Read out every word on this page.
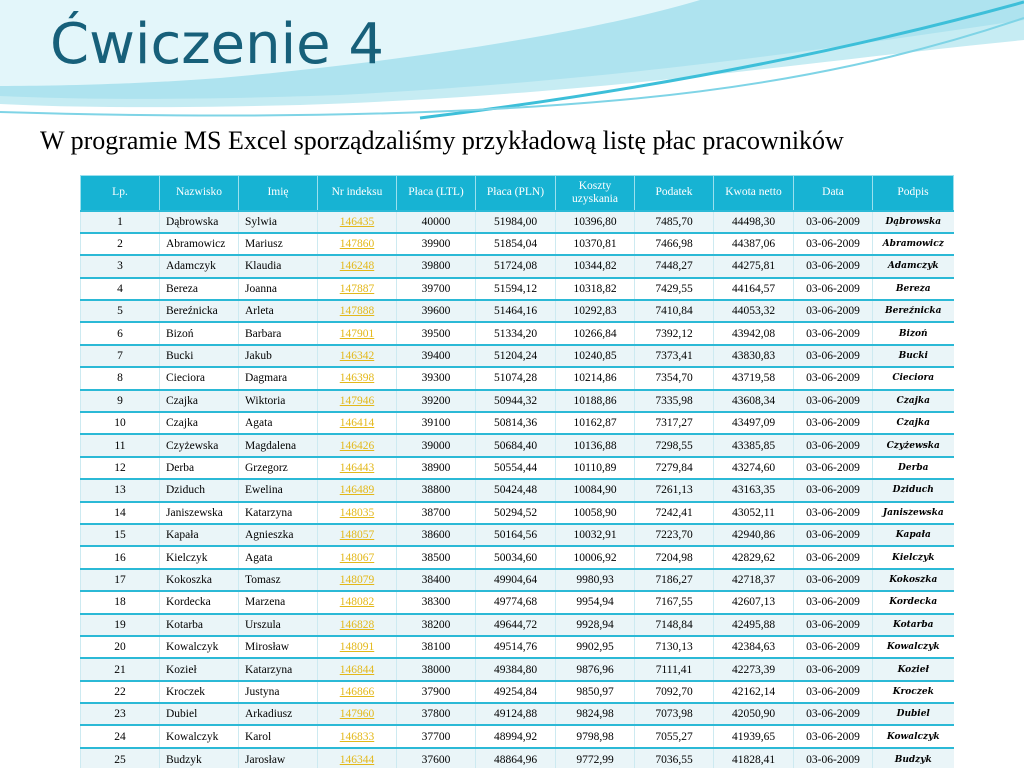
Ćwiczenie 4
W programie MS Excel sporządzaliśmy przykładową listę płac pracowników
Lp.	Nazwisko	Imię	Nr indeksu	Płaca (LTL)	Płaca (PLN)	Koszty uzyskania	Podatek	Kwota netto	Data	Podpis
1	Dąbrowska	Sylwia	146435	40000	51984,00	10396,80	7485,70	44498,30	03-06-2009	Dąbrowska
2	Abramowicz	Mariusz	147860	39900	51854,04	10370,81	7466,98	44387,06	03-06-2009	Abramowicz
3	Adamczyk	Klaudia	146248	39800	51724,08	10344,82	7448,27	44275,81	03-06-2009	Adamczyk
4	Bereza	Joanna	147887	39700	51594,12	10318,82	7429,55	44164,57	03-06-2009	Bereza
5	Bereźnicka	Arleta	147888	39600	51464,16	10292,83	7410,84	44053,32	03-06-2009	Bereźnicka
6	Bizoń	Barbara	147901	39500	51334,20	10266,84	7392,12	43942,08	03-06-2009	Bizoń
7	Bucki	Jakub	146342	39400	51204,24	10240,85	7373,41	43830,83	03-06-2009	Bucki
8	Cieciora	Dagmara	146398	39300	51074,28	10214,86	7354,70	43719,58	03-06-2009	Cieciora
9	Czajka	Wiktoria	147946	39200	50944,32	10188,86	7335,98	43608,34	03-06-2009	Czajka
10	Czajka	Agata	146414	39100	50814,36	10162,87	7317,27	43497,09	03-06-2009	Czajka
11	Czyżewska	Magdalena	146426	39000	50684,40	10136,88	7298,55	43385,85	03-06-2009	Czyżewska
12	Derba	Grzegorz	146443	38900	50554,44	10110,89	7279,84	43274,60	03-06-2009	Derba
13	Dziduch	Ewelina	146489	38800	50424,48	10084,90	7261,13	43163,35	03-06-2009	Dziduch
14	Janiszewska	Katarzyna	148035	38700	50294,52	10058,90	7242,41	43052,11	03-06-2009	Janiszewska
15	Kapała	Agnieszka	148057	38600	50164,56	10032,91	7223,70	42940,86	03-06-2009	Kapała
16	Kielczyk	Agata	148067	38500	50034,60	10006,92	7204,98	42829,62	03-06-2009	Kielczyk
17	Kokoszka	Tomasz	148079	38400	49904,64	9980,93	7186,27	42718,37	03-06-2009	Kokoszka
18	Kordecka	Marzena	148082	38300	49774,68	9954,94	7167,55	42607,13	03-06-2009	Kordecka
19	Kotarba	Urszula	146828	38200	49644,72	9928,94	7148,84	42495,88	03-06-2009	Kotarba
20	Kowalczyk	Mirosław	148091	38100	49514,76	9902,95	7130,13	42384,63	03-06-2009	Kowalczyk
21	Kozieł	Katarzyna	146844	38000	49384,80	9876,96	7111,41	42273,39	03-06-2009	Kozieł
22	Kroczek	Justyna	146866	37900	49254,84	9850,97	7092,70	42162,14	03-06-2009	Kroczek
23	Dubiel	Arkadiusz	147960	37800	49124,88	9824,98	7073,98	42050,90	03-06-2009	Dubiel
24	Kowalczyk	Karol	146833	37700	48994,92	9798,98	7055,27	41939,65	03-06-2009	Kowalczyk
25	Budzyk	Jarosław	146344	37600	48864,96	9772,99	7036,55	41828,41	03-06-2009	Budzyk
